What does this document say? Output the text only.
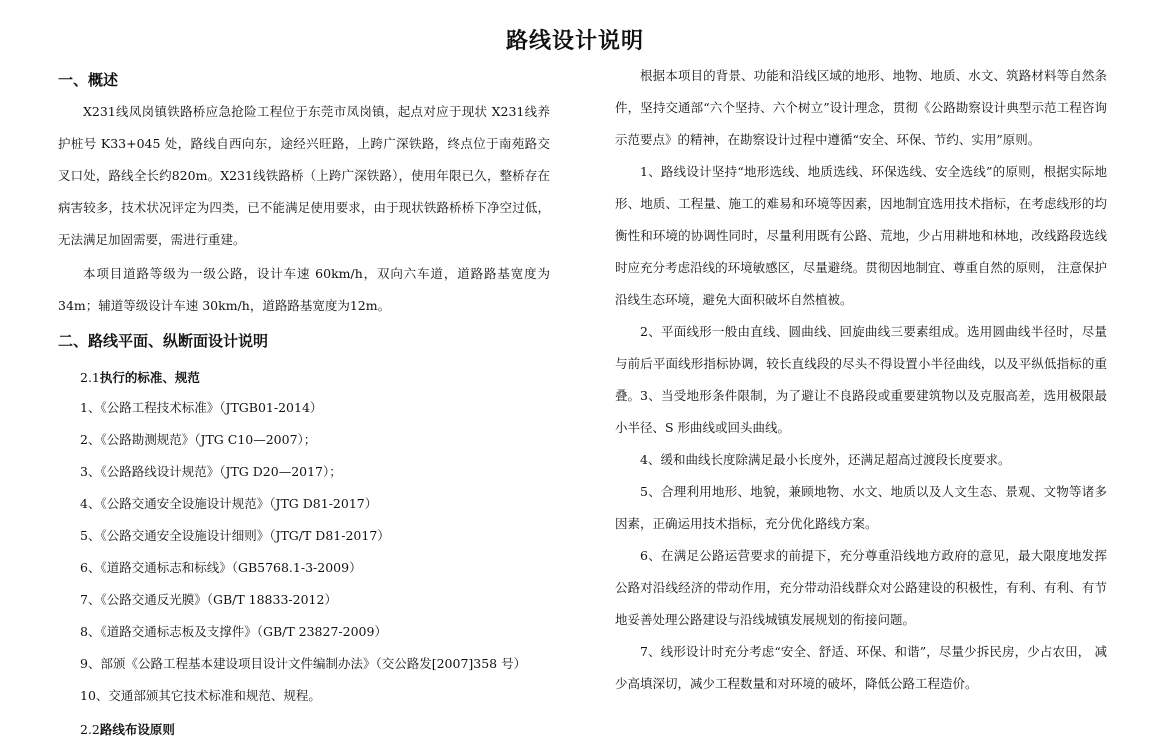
路线设计说明
一、概述

X231线凤岗镇铁路桥应急抢险工程位于东莞市凤岗镇，起点对应于现状 X231线养护桩号 K33+045 处，路线自西向东，途经兴旺路，上跨广深铁路，终点位于南苑路交叉口处，路线全长约820m。X231线铁路桥（上跨广深铁路），使用年限已久，整桥存在病害较多，技术状况评定为四类，已不能满足使用要求，由于现状铁路桥桥下净空过低，无法满足加固需要，需进行重建。

本项目道路等级为一级公路，设计车速 60km/h，双向六车道，道路路基宽度为34m；辅道等级设计车速 30km/h，道路路基宽度为12m。

二、路线平面、纵断面设计说明
2.1执行的标准、规范
1、《公路工程技术标准》（JTGB01-2014）
2、《公路勘测规范》（JTG C10—2007）；
3、《公路路线设计规范》（JTG D20—2017）；
4、《公路交通安全设施设计规范》（JTG D81-2017）
5、《公路交通安全设施设计细则》（JTG/T D81-2017）
6、《道路交通标志和标线》（GB5768.1-3-2009）
7、《公路交通反光膜》（GB/T 18833-2012）
8、《道路交通标志板及支撑件》（GB/T 23827-2009）
9、部颁《公路工程基本建设项目设计文件编制办法》（交公路发[2007]358 号）
10、交通部颁其它技术标准和规范、规程。
2.2路线布设原则

根据本项目的背景、功能和沿线区域的地形、地物、地质、水文、筑路材料等自然条件，坚持交通部“六个坚持、六个树立”设计理念，贯彻《公路勘察设计典型示范工程咨询示范要点》的精神，在勘察设计过程中遵循“安全、环保、节约、实用”原则。

1、路线设计坚持“地形选线、地质选线、环保选线、安全选线”的原则，根据实际地形、地质、工程量、施工的难易和环境等因素，因地制宜选用技术指标，在考虑线形的均衡性和环境的协调性同时，尽量利用既有公路、荒地，少占用耕地和林地，改线路段选线时应充分考虑沿线的环境敏感区，尽量避绕。贯彻因地制宜、尊重自然的原则， 注意保护沿线生态环境，避免大面积破坏自然植被。

2、平面线形一般由直线、圆曲线、回旋曲线三要素组成。选用圆曲线半径时，尽量与前后平面线形指标协调，较长直线段的尽头不得设置小半径曲线，以及平纵低指标的重叠。 3、当受地形条件限制，为了避让不良路段或重要建筑物以及克服高差，选用极限最小半径、S 形曲线或回头曲线。

4、缓和曲线长度除满足最小长度外，还满足超高过渡段长度要求。

5、合理利用地形、地貌，兼顾地物、水文、地质以及人文生态、景观、文物等诸多因素，正确运用技术指标，充分优化路线方案。

6、在满足公路运营要求的前提下，充分尊重沿线地方政府的意见，最大限度地发挥公路对沿线经济的带动作用，充分带动沿线群众对公路建设的积极性，有利、有利、有节地妥善处理公路建设与沿线城镇发展规划的衔接问题。

7、线形设计时充分考虑“安全、舒适、环保、和谐”，尽量少拆民房，少占农田， 减少高填深切，减少工程数量和对环境的破坏，降低公路工程造价。
